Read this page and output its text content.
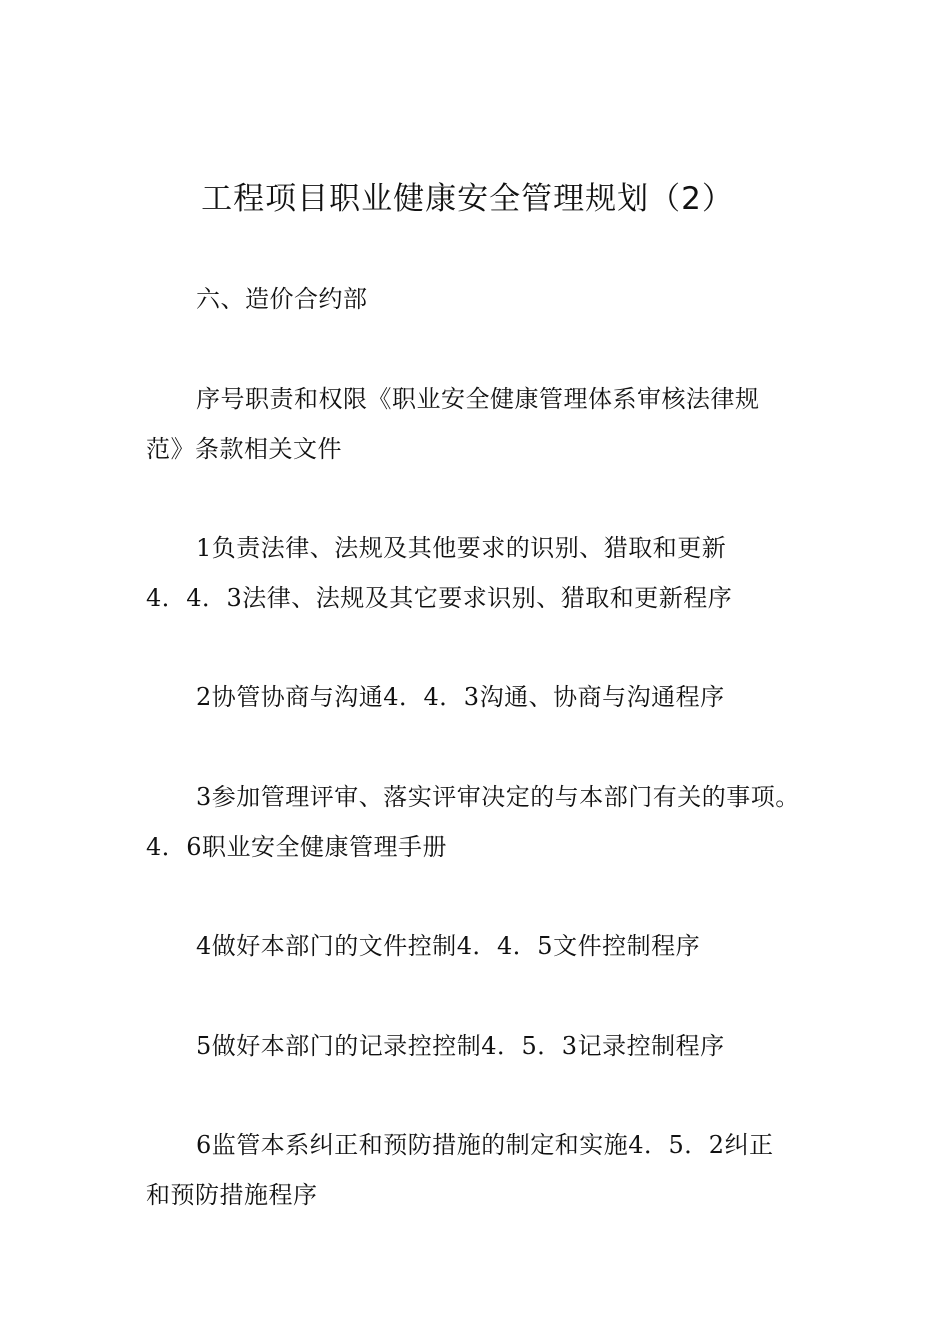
工程项目职业健康安全管理规划（2）
六、造价合约部
序号职责和权限《职业安全健康管理体系审核法律规
范》条款相关文件
1负责法律、法规及其他要求的识别、猎取和更新
4．4．3法律、法规及其它要求识别、猎取和更新程序
2协管协商与沟通4．4．3沟通、协商与沟通程序
3参加管理评审、落实评审决定的与本部门有关的事项。
4．6职业安全健康管理手册
4做好本部门的文件控制4．4．5文件控制程序
5做好本部门的记录控控制4．5．3记录控制程序
6监管本系纠正和预防措施的制定和实施4．5．2纠正
和预防措施程序
